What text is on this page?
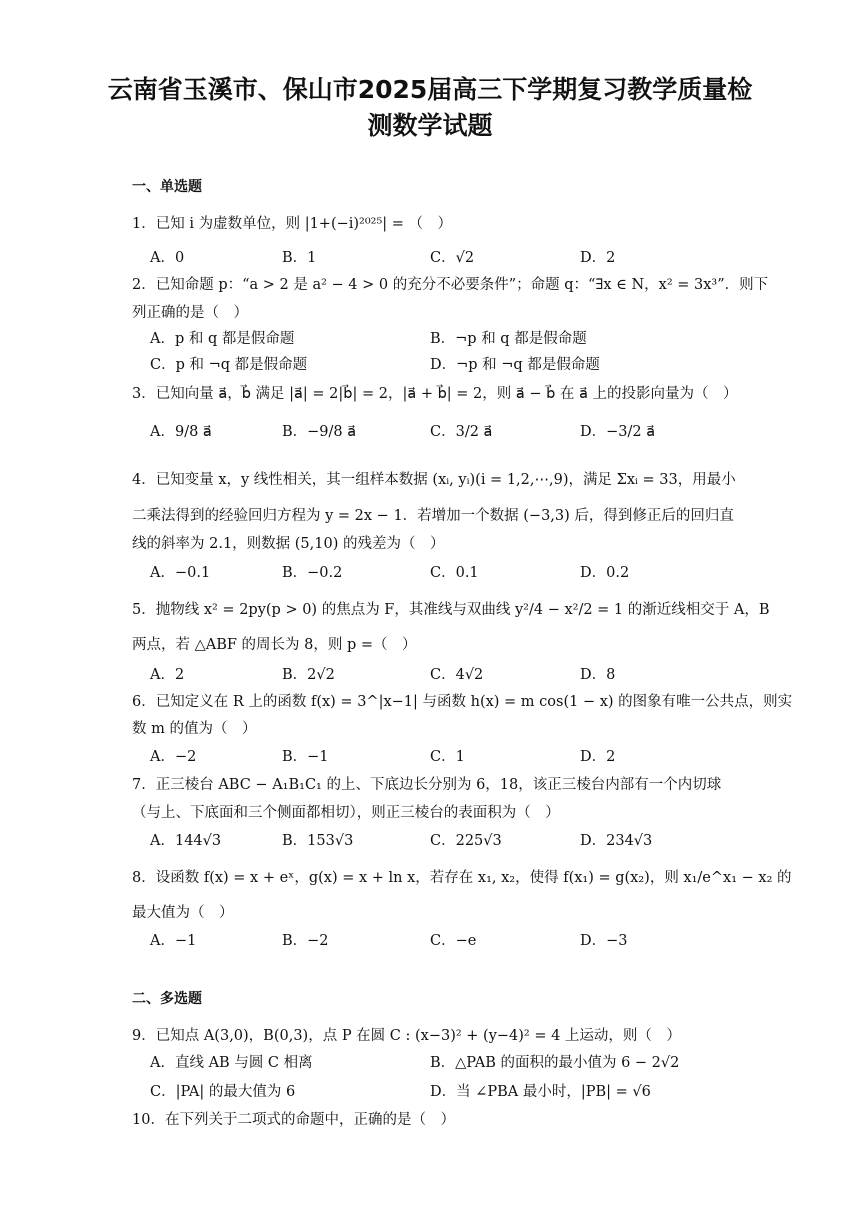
云南省玉溪市、保山市2025届高三下学期复习教学质量检
测数学试题
一、单选题
1．已知 i 为虚数单位，则 |1+(−i)²⁰²⁵| = （　）
A．0	B．1	C．√2	D．2
2．已知命题 p：“a > 2 是 a² − 4 > 0 的充分不必要条件”；命题 q：“∃x ∈ N，x² = 3x³”．则下
列正确的是（　）
A．p 和 q 都是假命题	B．¬p 和 q 都是假命题
C．p 和 ¬q 都是假命题	D．¬p 和 ¬q 都是假命题
3．已知向量 a⃗，b⃗ 满足 |a⃗| = 2|b⃗| = 2，|a⃗ + b⃗| = 2，则 a⃗ − b⃗ 在 a⃗ 上的投影向量为（　）
A．9/8 a⃗	B．−9/8 a⃗	C．3/2 a⃗	D．−3/2 a⃗
4．已知变量 x，y 线性相关，其一组样本数据 (xᵢ, yᵢ)(i = 1,2,⋯,9)，满足 Σxᵢ = 33，用最小
二乘法得到的经验回归方程为 y = 2x − 1．若增加一个数据 (−3,3) 后，得到修正后的回归直
线的斜率为 2.1，则数据 (5,10) 的残差为（　）
A．−0.1	B．−0.2	C．0.1	D．0.2
5．抛物线 x² = 2py(p > 0) 的焦点为 F，其准线与双曲线 y²/4 − x²/2 = 1 的渐近线相交于 A，B
两点，若 △ABF 的周长为 8，则 p =（　）
A．2	B．2√2	C．4√2	D．8
6．已知定义在 R 上的函数 f(x) = 3^|x−1| 与函数 h(x) = m cos(1 − x) 的图象有唯一公共点，则实
数 m 的值为（　）
A．−2	B．−1	C．1	D．2
7．正三棱台 ABC − A₁B₁C₁ 的上、下底边长分别为 6，18，该正三棱台内部有一个内切球
（与上、下底面和三个侧面都相切），则正三棱台的表面积为（　）
A．144√3	B．153√3	C．225√3	D．234√3
8．设函数 f(x) = x + eˣ，g(x) = x + ln x，若存在 x₁, x₂，使得 f(x₁) = g(x₂)，则 x₁/e^x₁ − x₂ 的
最大值为（　）
A．−1	B．−2	C．−e	D．−3
二、多选题
9．已知点 A(3,0)，B(0,3)，点 P 在圆 C : (x−3)² + (y−4)² = 4 上运动，则（　）
A．直线 AB 与圆 C 相离	B．△PAB 的面积的最小值为 6 − 2√2
C．|PA| 的最大值为 6	D．当 ∠PBA 最小时，|PB| = √6
10．在下列关于二项式的命题中，正确的是（　）
